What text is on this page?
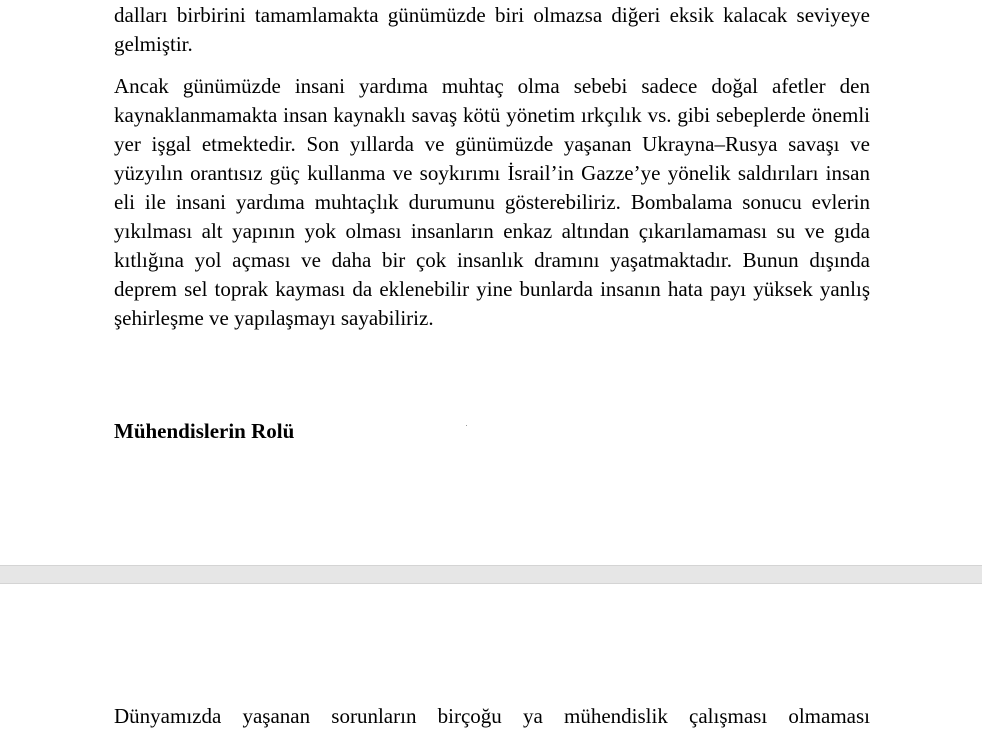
dalları birbirini tamamlamakta günümüzde biri olmazsa diğeri eksik kalacak seviyeye gelmiştir.

Ancak günümüzde insani yardıma muhtaç olma sebebi sadece doğal afetler den kaynaklanmamakta insan kaynaklı savaş kötü yönetim ırkçılık vs. gibi sebeplerde önemli yer işgal etmektedir. Son yıllarda ve günümüzde yaşanan Ukrayna–Rusya savaşı ve yüzyılın orantısız güç kullanma ve soykırımı İsrail’in Gazze’ye yönelik saldırıları insan eli ile insani yardıma muhtaçlık durumunu gösterebiliriz. Bombalama sonucu evlerin yıkılması alt yapının yok olması insanların enkaz altından çıkarılamaması su ve gıda kıtlığına yol açması ve daha bir çok insanlık dramını yaşatmaktadır. Bunun dışında deprem sel toprak kayması da eklenebilir yine bunlarda insanın hata payı yüksek yanlış şehirleşme ve yapılaşmayı sayabiliriz.

Mühendislerin Rolü

Dünyamızda yaşanan sorunların birçoğu ya mühendislik çalışması olmaması
